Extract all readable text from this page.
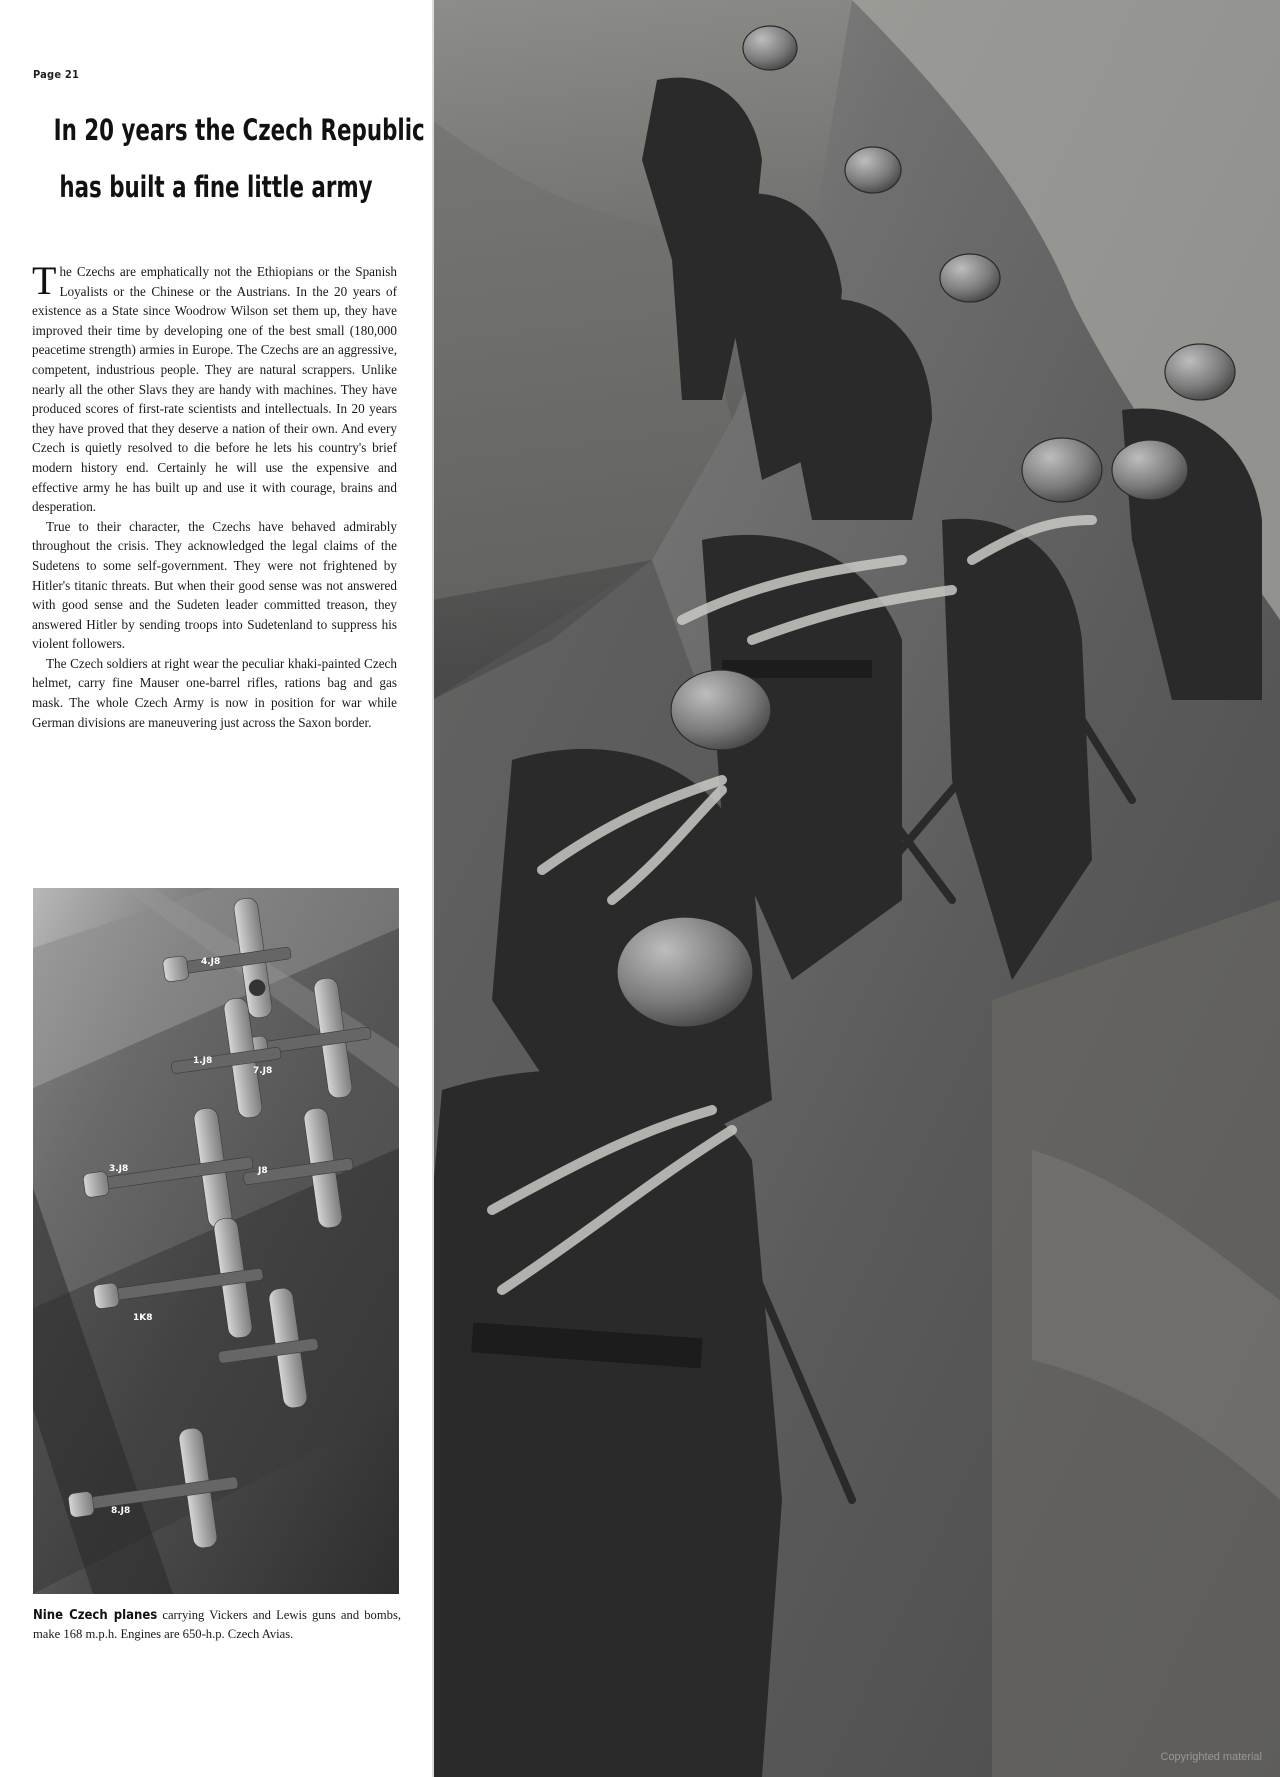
Page 21
In 20 years the Czech Republic
has built a fine little army

The Czechs are emphatically not the Ethiopians or the Spanish Loyalists or the Chinese or the Austrians. In the 20 years of existence as a State since Woodrow Wilson set them up, they have improved their time by developing one of the best small (180,000 peacetime strength) armies in Europe. The Czechs are an aggressive, competent, industrious people. They are natural scrappers. Unlike nearly all the other Slavs they are handy with machines. They have produced scores of first-rate scientists and intellectuals. In 20 years they have proved that they deserve a nation of their own. And every Czech is quietly resolved to die before he lets his country's brief modern history end. Certainly he will use the expensive and effective army he has built up and use it with courage, brains and desperation.

True to their character, the Czechs have behaved admirably throughout the crisis. They acknowledged the legal claims of the Sudetens to some self-government. They were not frightened by Hitler's titanic threats. But when their good sense was not answered with good sense and the Sudeten leader committed treason, they answered Hitler by sending troops into Sudetenland to suppress his violent followers.

The Czech soldiers at right wear the peculiar khaki-painted Czech helmet, carry fine Mauser one-barrel rifles, rations bag and gas mask. The whole Czech Army is now in position for war while German divisions are maneuvering just across the Saxon border.

4.J8
1.J8
7.J8
3.J8	J8
1K8
8.J8
Nine Czech planes carrying Vickers and Lewis guns and bombs, make 168 m.p.h. Engines are 650-h.p. Czech Avias.
Copyrighted material
